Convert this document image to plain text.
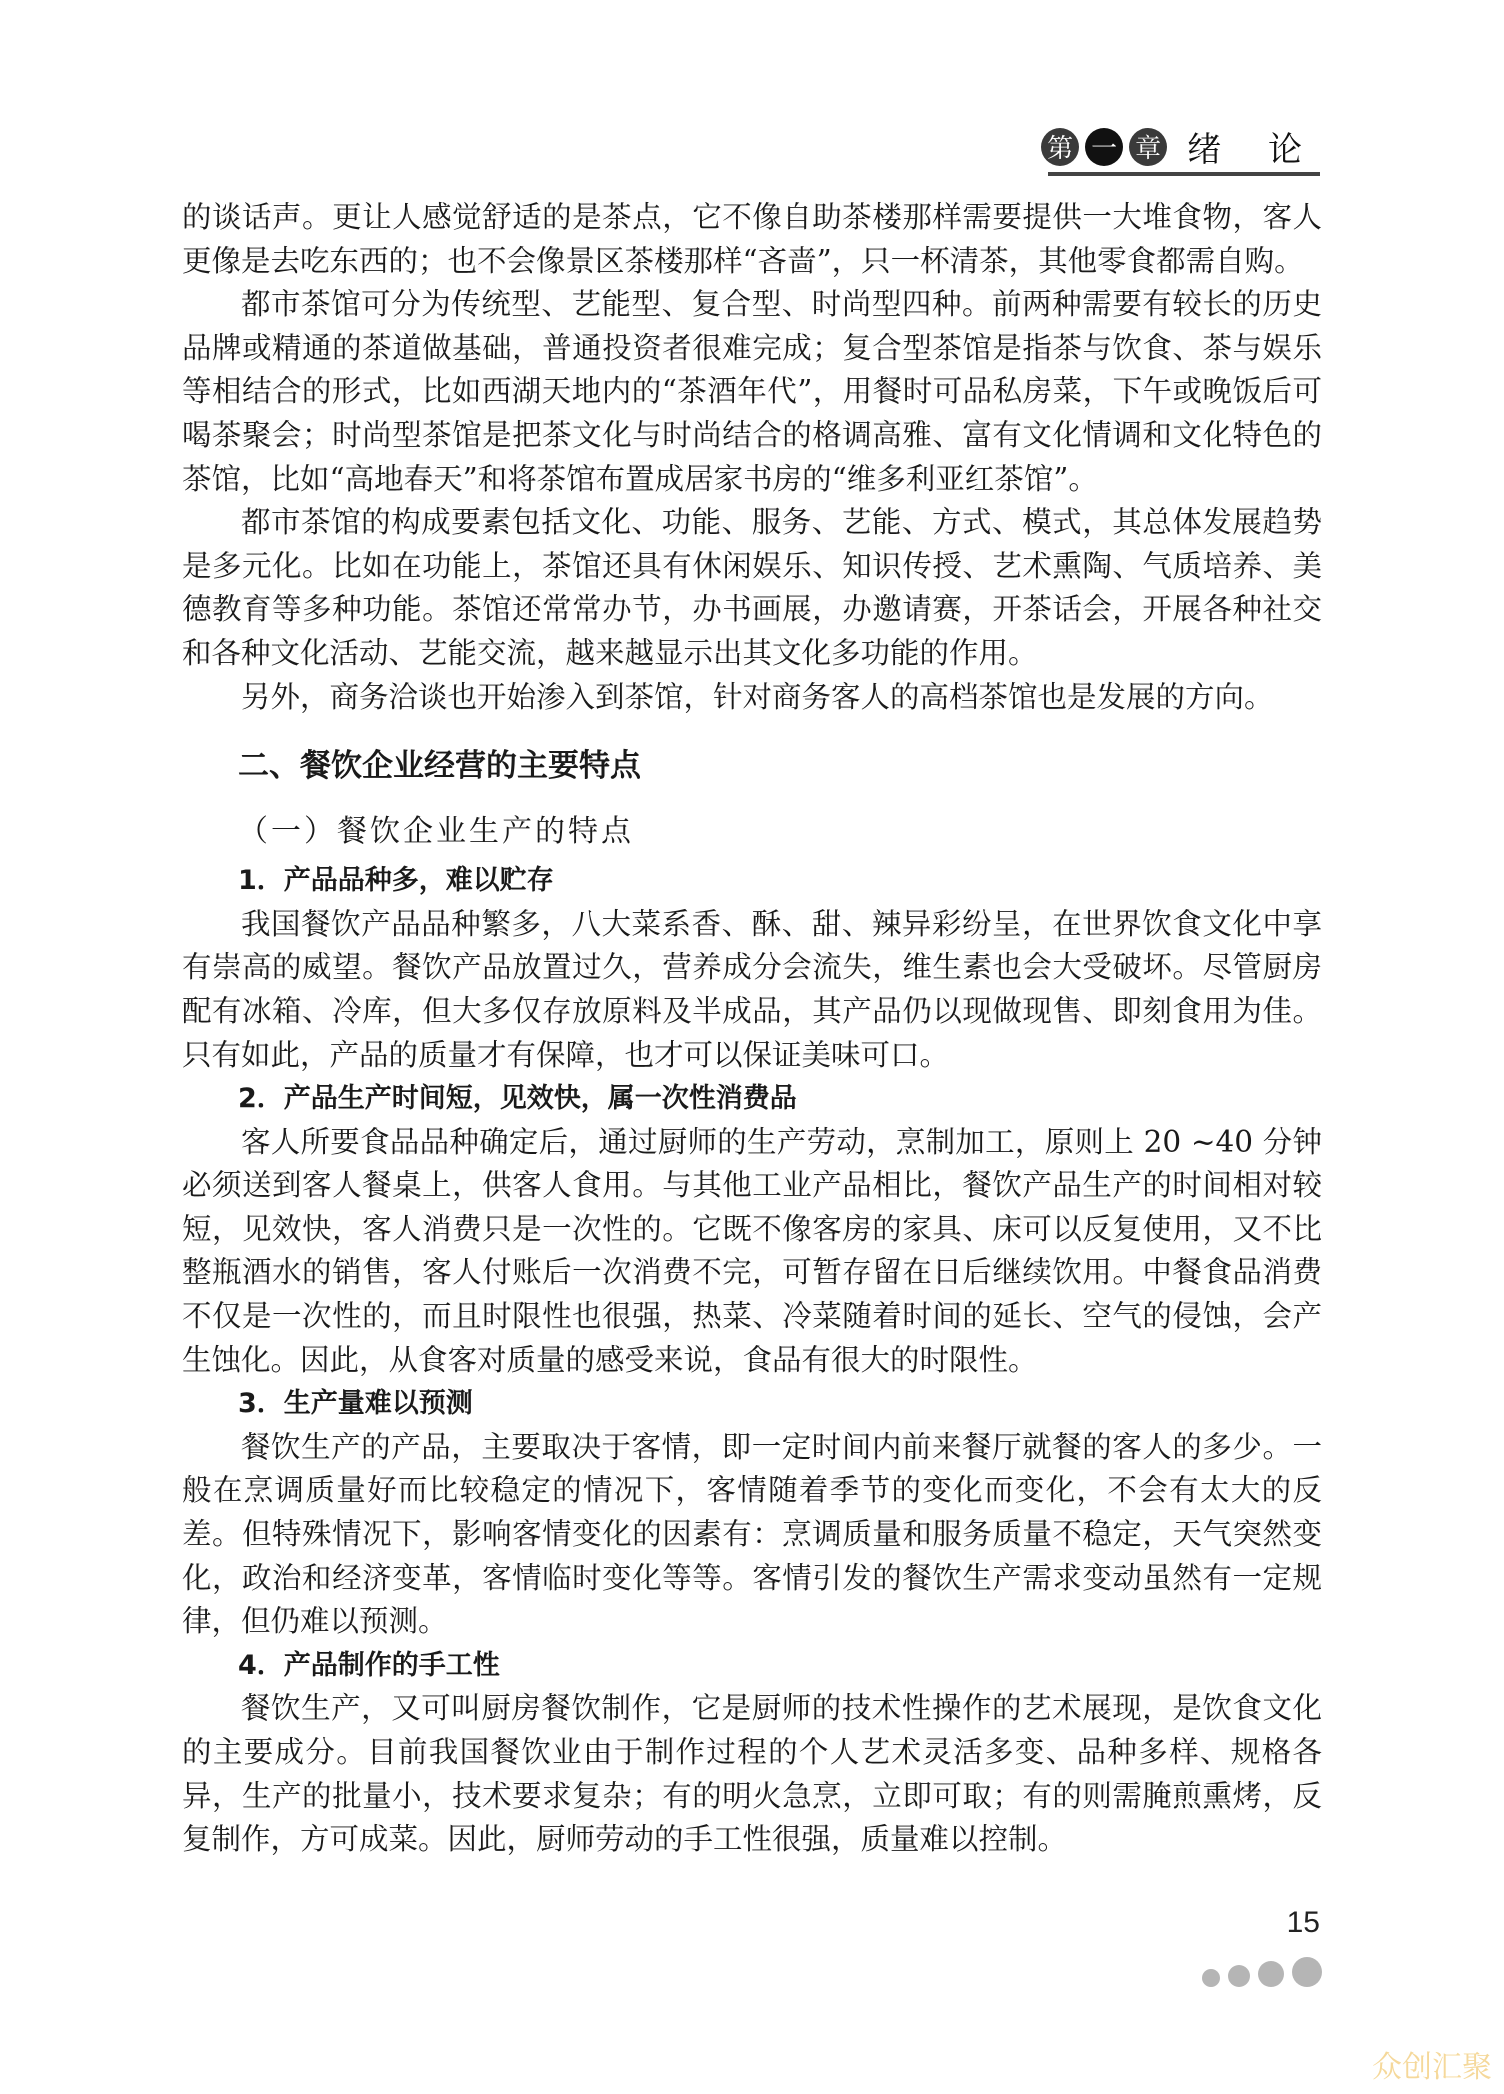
第 一 章 绪 论

的谈话声。更让人感觉舒适的是茶点，它不像自助茶楼那样需要提供一大堆食物，客人更像是去吃东西的；也不会像景区茶楼那样“吝啬”，只一杯清茶，其他零食都需自购。

都市茶馆可分为传统型、艺能型、复合型、时尚型四种。前两种需要有较长的历史品牌或精通的茶道做基础，普通投资者很难完成；复合型茶馆是指茶与饮食、茶与娱乐等相结合的形式，比如西湖天地内的“茶酒年代”，用餐时可品私房菜，下午或晚饭后可喝茶聚会；时尚型茶馆是把茶文化与时尚结合的格调高雅、富有文化情调和文化特色的茶馆，比如“高地春天”和将茶馆布置成居家书房的“维多利亚红茶馆”。

都市茶馆的构成要素包括文化、功能、服务、艺能、方式、模式，其总体发展趋势是多元化。比如在功能上，茶馆还具有休闲娱乐、知识传授、艺术熏陶、气质培养、美德教育等多种功能。茶馆还常常办节，办书画展，办邀请赛，开茶话会，开展各种社交和各种文化活动、艺能交流，越来越显示出其文化多功能的作用。

另外，商务洽谈也开始渗入到茶馆，针对商务客人的高档茶馆也是发展的方向。

二、餐饮企业经营的主要特点
（一）餐饮企业生产的特点
1．产品品种多，难以贮存

我国餐饮产品品种繁多，八大菜系香、酥、甜、辣异彩纷呈，在世界饮食文化中享有崇高的威望。餐饮产品放置过久，营养成分会流失，维生素也会大受破坏。尽管厨房配有冰箱、冷库，但大多仅存放原料及半成品，其产品仍以现做现售、即刻食用为佳。只有如此，产品的质量才有保障，也才可以保证美味可口。

2．产品生产时间短，见效快，属一次性消费品

客人所要食品品种确定后，通过厨师的生产劳动，烹制加工，原则上 20 ~40 分钟必须送到客人餐桌上，供客人食用。与其他工业产品相比，餐饮产品生产的时间相对较短，见效快，客人消费只是一次性的。它既不像客房的家具、床可以反复使用，又不比整瓶酒水的销售，客人付账后一次消费不完，可暂存留在日后继续饮用。中餐食品消费不仅是一次性的，而且时限性也很强，热菜、冷菜随着时间的延长、空气的侵蚀，会产生蚀化。因此，从食客对质量的感受来说，食品有很大的时限性。

3．生产量难以预测

餐饮生产的产品，主要取决于客情，即一定时间内前来餐厅就餐的客人的多少。一般在烹调质量好而比较稳定的情况下，客情随着季节的变化而变化，不会有太大的反差。但特殊情况下，影响客情变化的因素有：烹调质量和服务质量不稳定，天气突然变化，政治和经济变革，客情临时变化等等。客情引发的餐饮生产需求变动虽然有一定规律，但仍难以预测。

4．产品制作的手工性

餐饮生产，又可叫厨房餐饮制作，它是厨师的技术性操作的艺术展现，是饮食文化的主要成分。目前我国餐饮业由于制作过程的个人艺术灵活多变、品种多样、规格各异，生产的批量小，技术要求复杂；有的明火急烹，立即可取；有的则需腌煎熏烤，反复制作，方可成菜。因此，厨师劳动的手工性很强，质量难以控制。

15
众创汇聚
